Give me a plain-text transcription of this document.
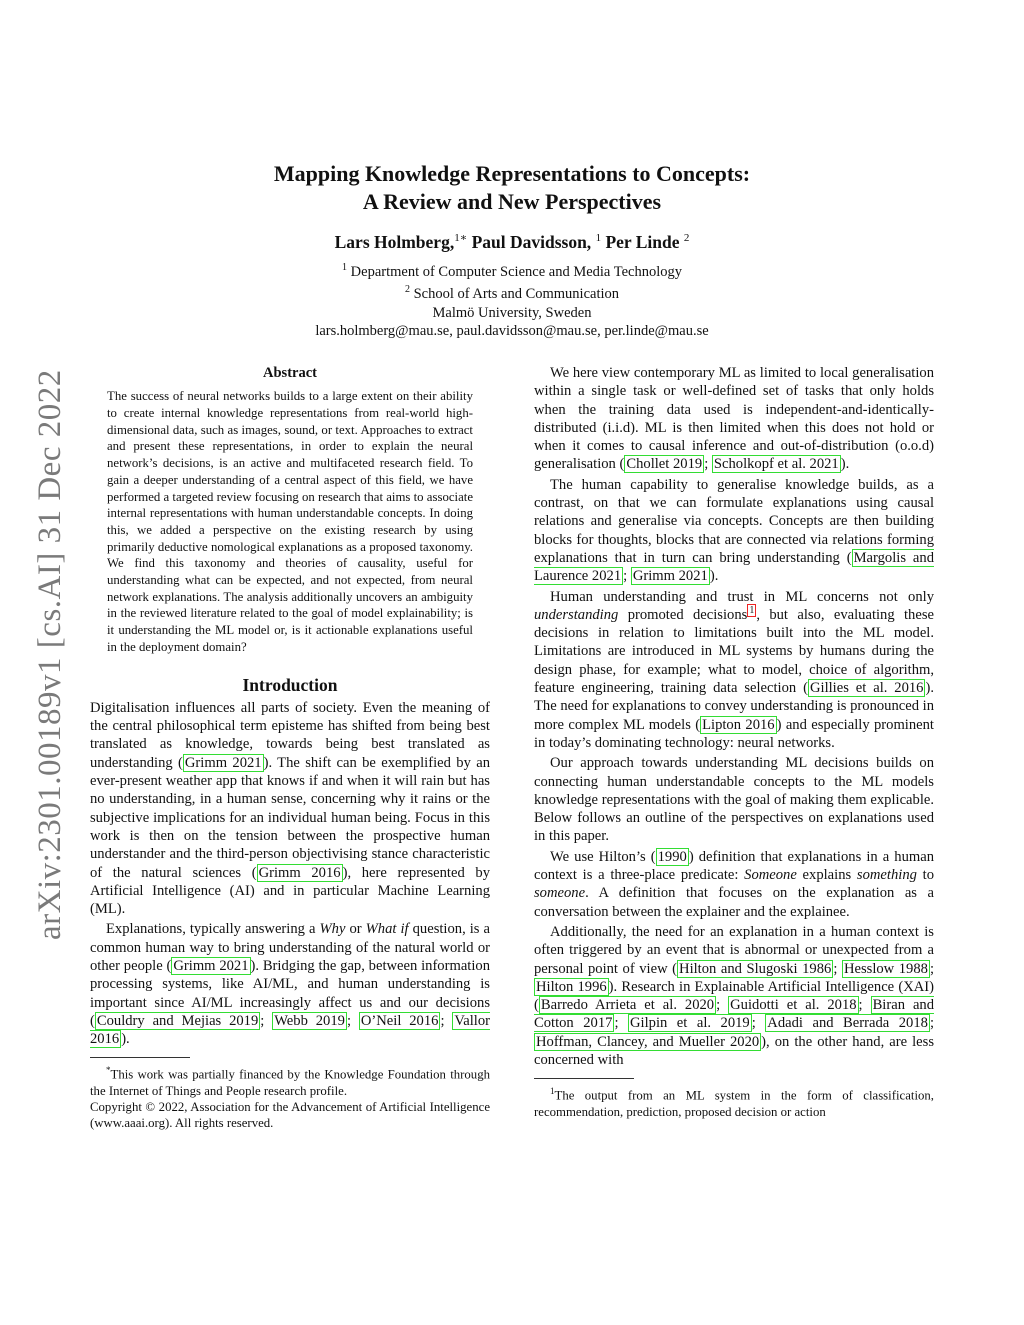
arXiv:2301.00189v1 [cs.AI] 31 Dec 2022
Mapping Knowledge Representations to Concepts:
A Review and New Perspectives
Lars Holmberg,$^{1∗}$ Paul Davidsson, $^1$ Per Linde $^2$
$^1$ Department of Computer Science and Media Technology
$^2$ School of Arts and Communication
Malmö University, Sweden
lars.holmberg@mau.se, paul.davidsson@mau.se, per.linde@mau.se
Abstract

The success of neural networks builds to a large extent on their ability to create internal knowledge representations from real-world high-dimensional data, such as images, sound, or text. Approaches to extract and present these representations, in order to explain the neural network’s decisions, is an active and multifaceted research field. To gain a deeper understanding of a central aspect of this field, we have performed a targeted review focusing on research that aims to associate internal representations with human understandable concepts. In doing this, we added a perspective on the existing research by using primarily deductive nomological explanations as a proposed taxonomy. We find this taxonomy and theories of causality, useful for understanding what can be expected, and not expected, from neural network explanations. The analysis additionally uncovers an ambiguity in the reviewed literature related to the goal of model explainability; is it understanding the ML model or, is it actionable explanations useful in the deployment domain?

Introduction

Digitalisation influences all parts of society. Even the meaning of the central philosophical term episteme has shifted from being best translated as knowledge, towards being best translated as understanding ( Grimm 2021 ). The shift can be exemplified by an ever-present weather app that knows if and when it will rain but has no understanding, in a human sense, concerning why it rains or the subjective implications for an individual human being. Focus in this work is then on the tension between the prospective human understander and the third-person objectivising stance characteristic of the natural sciences ( Grimm 2016 ), here represented by Artificial Intelligence (AI) and in particular Machine Learning (ML).

Explanations, typically answering a Why or What if question, is a common human way to bring understanding of the natural world or other people ( Grimm 2021 ). Bridging the gap, between information processing systems, like AI/ML, and human understanding is important since AI/ML increasingly affect us and our decisions ( Couldry and Mejias 2019 ; Webb 2019 ; O’Neil 2016 ; Vallor 2016 ).

*This work was partially financed by the Knowledge Foundation through the Internet of Things and People research profile.

Copyright © 2022, Association for the Advancement of Artificial Intelligence (www.aaai.org). All rights reserved.

We here view contemporary ML as limited to local generalisation within a single task or well-defined set of tasks that only holds when the training data used is independent-and-identically-distributed (i.i.d). ML is then limited when this does not hold or when it comes to causal inference and out-of-distribution (o.o.d) generalisation ( Chollet 2019 ; Scholkopf et al. 2021 ).

The human capability to generalise knowledge builds, as a contrast, on that we can formulate explanations using causal relations and generalise via concepts. Concepts are then building blocks for thoughts, blocks that are connected via relations forming explanations that in turn can bring understanding ( Margolis and Laurence 2021 ; Grimm 2021 ).

Human understanding and trust in ML concerns not only understanding promoted decisions $^1$ , but also, evaluating these decisions in relation to limitations built into the ML model. Limitations are introduced in ML systems by humans during the design phase, for example; what to model, choice of algorithm, feature engineering, training data selection ( Gillies et al. 2016 ). The need for explanations to convey understanding is pronounced in more complex ML models ( Lipton 2016 ) and especially prominent in today’s dominating technology: neural networks.

Our approach towards understanding ML decisions builds on connecting human understandable concepts to the ML models knowledge representations with the goal of making them explicable. Below follows an outline of the perspectives on explanations used in this paper.

We use Hilton’s ( 1990 ) definition that explanations in a human context is a three-place predicate: Someone explains something to someone. A definition that focuses on the explanation as a conversation between the explainer and the explainee.

Additionally, the need for an explanation in a human context is often triggered by an event that is abnormal or unexpected from a personal point of view ( Hilton and Slugoski 1986 ; Hesslow 1988 ; Hilton 1996 ). Research in Explainable Artificial Intelligence (XAI) ( Barredo Arrieta et al. 2020 ; Guidotti et al. 2018 ; Biran and Cotton 2017 ; Gilpin et al. 2019 ; Adadi and Berrada 2018 ; Hoffman, Clancey, and Mueller 2020 ), on the other hand, are less concerned with

$^1$The output from an ML system in the form of classification, recommendation, prediction, proposed decision or action
